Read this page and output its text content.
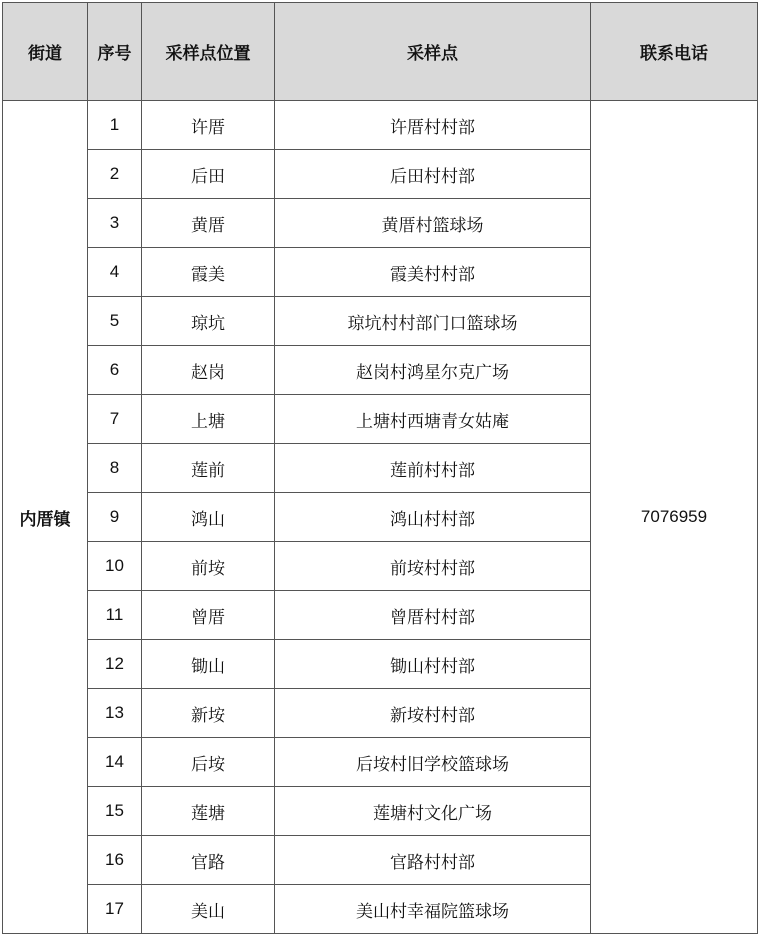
街道	序号	采样点位置	采样点	联系电话
内厝镇	1	许厝	许厝村村部	7076959
	2	后田	后田村村部	
	3	黄厝	黄厝村篮球场	
	4	霞美	霞美村村部	
	5	琼坑	琼坑村村部门口篮球场	
	6	赵岗	赵岗村鸿星尔克广场	
	7	上塘	上塘村西塘青女姑庵	
	8	莲前	莲前村村部	
	9	鸿山	鸿山村村部	
	10	前垵	前垵村村部	
	11	曾厝	曾厝村村部	
	12	锄山	锄山村村部	
	13	新垵	新垵村村部	
	14	后垵	后垵村旧学校篮球场	
	15	莲塘	莲塘村文化广场	
	16	官路	官路村村部	
	17	美山	美山村幸福院篮球场	
